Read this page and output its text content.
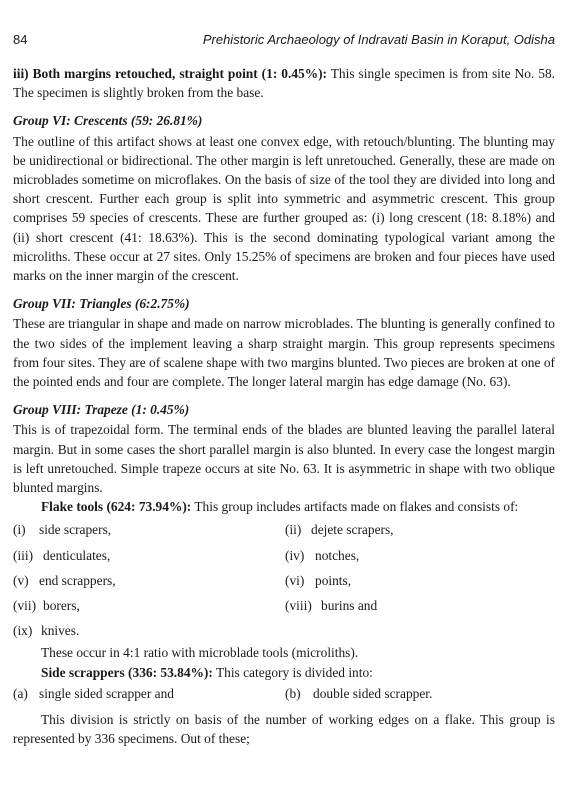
84	Prehistoric Archaeology of Indravati Basin in Koraput, Odisha

iii) Both margins retouched, straight point (1: 0.45%): This single specimen is from site No. 58. The specimen is slightly broken from the base.

Group VI: Crescents (59: 26.81%)

The outline of this artifact shows at least one convex edge, with retouch/blunting. The blunting may be unidirectional or bidirectional. The other margin is left unretouched. Generally, these are made on microblades sometime on microflakes. On the basis of size of the tool they are divided into long and short crescent. Further each group is split into symmetric and asymmetric crescent. This group comprises 59 species of crescents. These are further grouped as: (i) long crescent (18: 8.18%) and (ii) short crescent (41: 18.63%). This is the second dominating typological variant among the microliths. These occur at 27 sites. Only 15.25% of specimens are broken and four pieces have used marks on the inner margin of the crescent.

Group VII: Triangles (6:2.75%)

These are triangular in shape and made on narrow microblades. The blunting is generally confined to the two sides of the implement leaving a sharp straight margin. This group represents specimens from four sites. They are of scalene shape with two margins blunted. Two pieces are broken at one of the pointed ends and four are complete. The longer lateral margin has edge damage (No. 63).

Group VIII: Trapeze (1: 0.45%)

This is of trapezoidal form. The terminal ends of the blades are blunted leaving the parallel lateral margin. But in some cases the short parallel margin is also blunted. In every case the longest margin is left unretouched. Simple trapeze occurs at site No. 63. It is asymmetric in shape with two oblique blunted margins.

Flake tools (624: 73.94%): This group includes artifacts made on flakes and consists of:

(i) side scrapers,	(ii) dejete scrapers,
(iii) denticulates,	(iv) notches,
(v) end scrappers,	(vi) points,
(vii) borers,	(viii) burins and
(ix) knives.

These occur in 4:1 ratio with microblade tools (microliths).

Side scrappers (336: 53.84%): This category is divided into:

(a) single sided scrapper and	(b) double sided scrapper.

This division is strictly on basis of the number of working edges on a flake. This group is represented by 336 specimens. Out of these;
